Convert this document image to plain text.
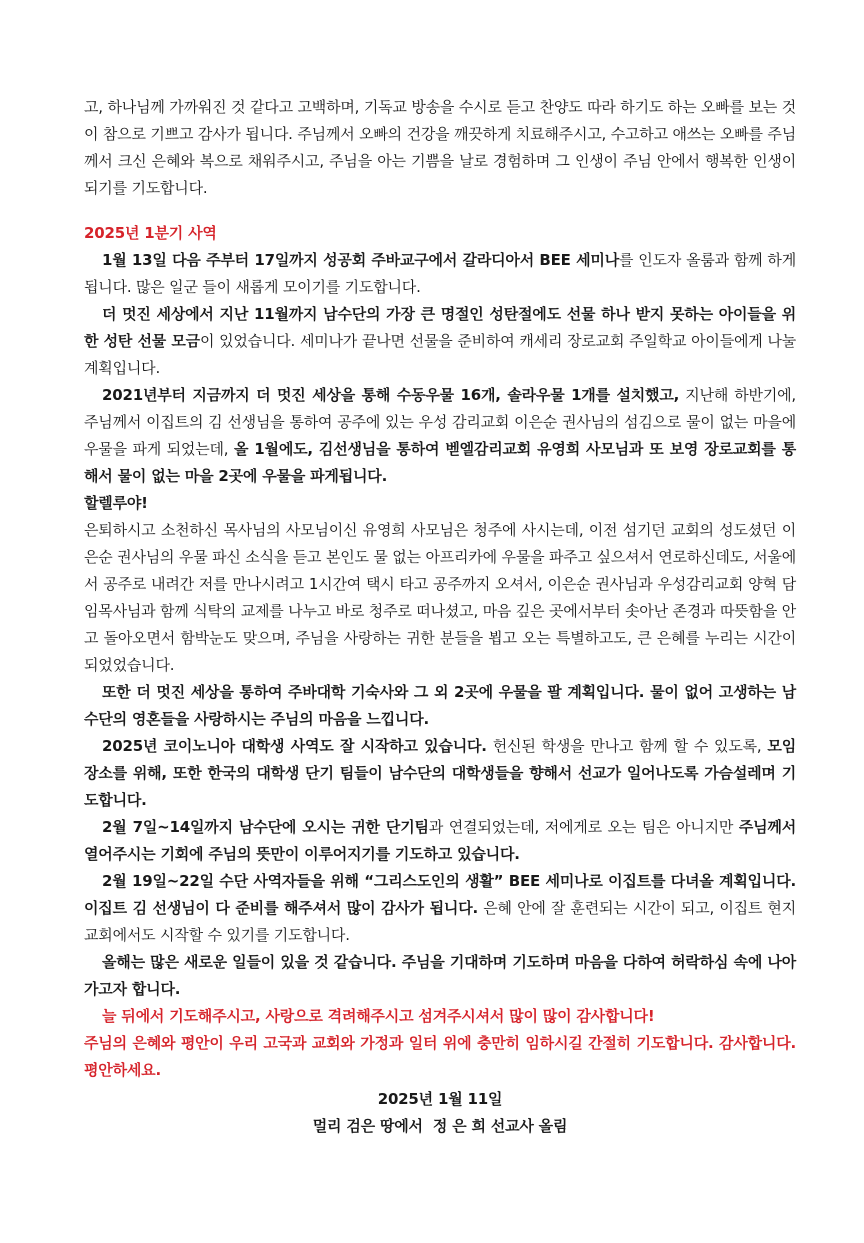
고, 하나님께 가까워진 것 같다고 고백하며, 기독교 방송을 수시로 듣고 찬양도 따라 하기도 하는 오빠를 보는 것이 참으로 기쁘고 감사가 됩니다. 주님께서 오빠의 건강을 깨끗하게 치료해주시고, 수고하고 애쓰는 오빠를 주님께서 크신 은혜와 복으로 채워주시고, 주님을 아는 기쁨을 날로 경험하며 그 인생이 주님 안에서 행복한 인생이 되기를 기도합니다.

2025년 1분기 사역

1월 13일 다음 주부터 17일까지 성공회 주바교구에서 갈라디아서 BEE 세미나를 인도자 올룸과 함께 하게 됩니다. 많은 일군 들이 새롭게 모이기를 기도합니다.

더 멋진 세상에서 지난 11월까지 남수단의 가장 큰 명절인 성탄절에도 선물 하나 받지 못하는 아이들을 위한 성탄 선물 모금이 있었습니다. 세미나가 끝나면 선물을 준비하여 캐세리 장로교회 주일학교 아이들에게 나눌 계획입니다.

2021년부터 지금까지 더 멋진 세상을 통해 수동우물 16개, 솔라우물 1개를 설치했고, 지난해 하반기에, 주님께서 이집트의 김 선생님을 통하여 공주에 있는 우성 감리교회 이은순 권사님의 섬김으로 물이 없는 마을에 우물을 파게 되었는데, 올 1월에도, 김선생님을 통하여 벧엘감리교회 유영희 사모님과 또 보영 장로교회를 통해서 물이 없는 마을 2곳에 우물을 파게됩니다.

할렐루야!

은퇴하시고 소천하신 목사님의 사모님이신 유영희 사모님은 청주에 사시는데, 이전 섬기던 교회의 성도셨던 이은순 권사님의 우물 파신 소식을 듣고 본인도 물 없는 아프리카에 우물을 파주고 싶으셔서 연로하신데도, 서울에서 공주로 내려간 저를 만나시려고 1시간여 택시 타고 공주까지 오셔서, 이은순 권사님과 우성감리교회 양혁 담임목사님과 함께 식탁의 교제를 나누고 바로 청주로 떠나셨고, 마음 깊은 곳에서부터 솟아난 존경과 따뜻함을 안고 돌아오면서 함박눈도 맞으며, 주님을 사랑하는 귀한 분들을 뵙고 오는 특별하고도, 큰 은혜를 누리는 시간이 되었었습니다.

또한 더 멋진 세상을 통하여 주바대학 기숙사와 그 외 2곳에 우물을 팔 계획입니다. 물이 없어 고생하는 남수단의 영혼들을 사랑하시는 주님의 마음을 느낍니다.

2025년 코이노니아 대학생 사역도 잘 시작하고 있습니다. 헌신된 학생을 만나고 함께 할 수 있도록, 모임 장소를 위해, 또한 한국의 대학생 단기 팀들이 남수단의 대학생들을 향해서 선교가 일어나도록 가슴설레며 기도합니다.

2월 7일~14일까지 남수단에 오시는 귀한 단기팀과 연결되었는데, 저에게로 오는 팀은 아니지만 주님께서 열어주시는 기회에 주님의 뜻만이 이루어지기를 기도하고 있습니다.

2월 19일~22일 수단 사역자들을 위해 “그리스도인의 생활” BEE 세미나로 이집트를 다녀올 계획입니다. 이집트 김 선생님이 다 준비를 해주셔서 많이 감사가 됩니다. 은혜 안에 잘 훈련되는 시간이 되고, 이집트 현지교회에서도 시작할 수 있기를 기도합니다.

올해는 많은 새로운 일들이 있을 것 같습니다. 주님을 기대하며 기도하며 마음을 다하여 허락하심 속에 나아가고자 합니다.

늘 뒤에서 기도해주시고, 사랑으로 격려해주시고 섬겨주시셔서 많이 많이 감사합니다!

주님의 은혜와 평안이 우리 고국과 교회와 가정과 일터 위에 충만히 임하시길 간절히 기도합니다. 감사합니다. 평안하세요.

2025년 1월 11일

멀리 검은 땅에서  정 은 희 선교사 올림
